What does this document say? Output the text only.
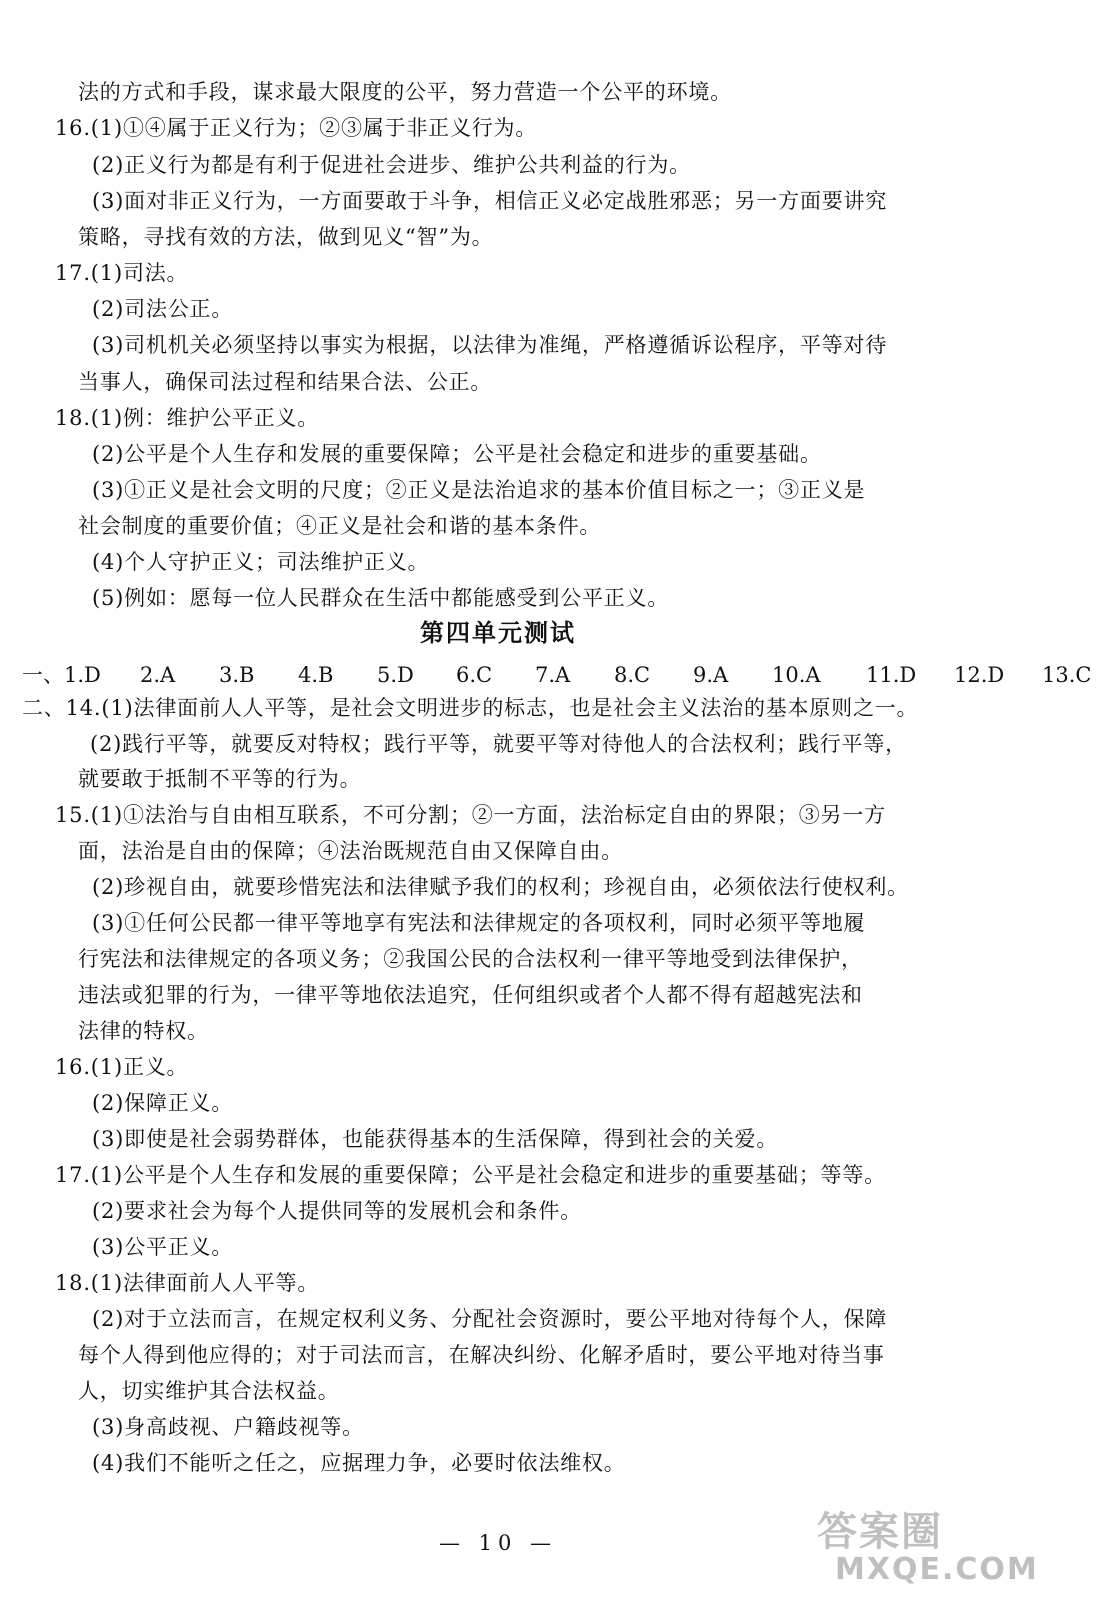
法的方式和手段，谋求最大限度的公平，努力营造一个公平的环境。
16.(1)①④属于正义行为；②③属于非正义行为。
(2)正义行为都是有利于促进社会进步、维护公共利益的行为。
(3)面对非正义行为，一方面要敢于斗争，相信正义必定战胜邪恶；另一方面要讲究
策略，寻找有效的方法，做到见义“智”为。
17.(1)司法。
(2)司法公正。
(3)司机机关必须坚持以事实为根据，以法律为准绳，严格遵循诉讼程序，平等对待
当事人，确保司法过程和结果合法、公正。
18.(1)例：维护公平正义。
(2)公平是个人生存和发展的重要保障；公平是社会稳定和进步的重要基础。
(3)①正义是社会文明的尺度；②正义是法治追求的基本价值目标之一；③正义是
社会制度的重要价值；④正义是社会和谐的基本条件。
(4)个人守护正义；司法维护正义。
(5)例如：愿每一位人民群众在生活中都能感受到公平正义。
第四单元测试
一、1.D 2.A 3.B 4.B 5.D 6.C 7.A 8.C 9.A 10.A 11.D 12.D 13.C
二、14.(1)法律面前人人平等，是社会文明进步的标志，也是社会主义法治的基本原则之一。
(2)践行平等，就要反对特权；践行平等，就要平等对待他人的合法权利；践行平等，
就要敢于抵制不平等的行为。
15.(1)①法治与自由相互联系，不可分割；②一方面，法治标定自由的界限；③另一方
面，法治是自由的保障；④法治既规范自由又保障自由。
(2)珍视自由，就要珍惜宪法和法律赋予我们的权利；珍视自由，必须依法行使权利。
(3)①任何公民都一律平等地享有宪法和法律规定的各项权利，同时必须平等地履
行宪法和法律规定的各项义务；②我国公民的合法权利一律平等地受到法律保护，
违法或犯罪的行为，一律平等地依法追究，任何组织或者个人都不得有超越宪法和
法律的特权。
16.(1)正义。
(2)保障正义。
(3)即使是社会弱势群体，也能获得基本的生活保障，得到社会的关爱。
17.(1)公平是个人生存和发展的重要保障；公平是社会稳定和进步的重要基础；等等。
(2)要求社会为每个人提供同等的发展机会和条件。
(3)公平正义。
18.(1)法律面前人人平等。
(2)对于立法而言，在规定权利义务、分配社会资源时，要公平地对待每个人，保障
每个人得到他应得的；对于司法而言，在解决纠纷、化解矛盾时，要公平地对待当事
人，切实维护其合法权益。
(3)身高歧视、户籍歧视等。
(4)我们不能听之任之，应据理力争，必要时依法维权。
— 10 —	答案圈
MXQE.COM
